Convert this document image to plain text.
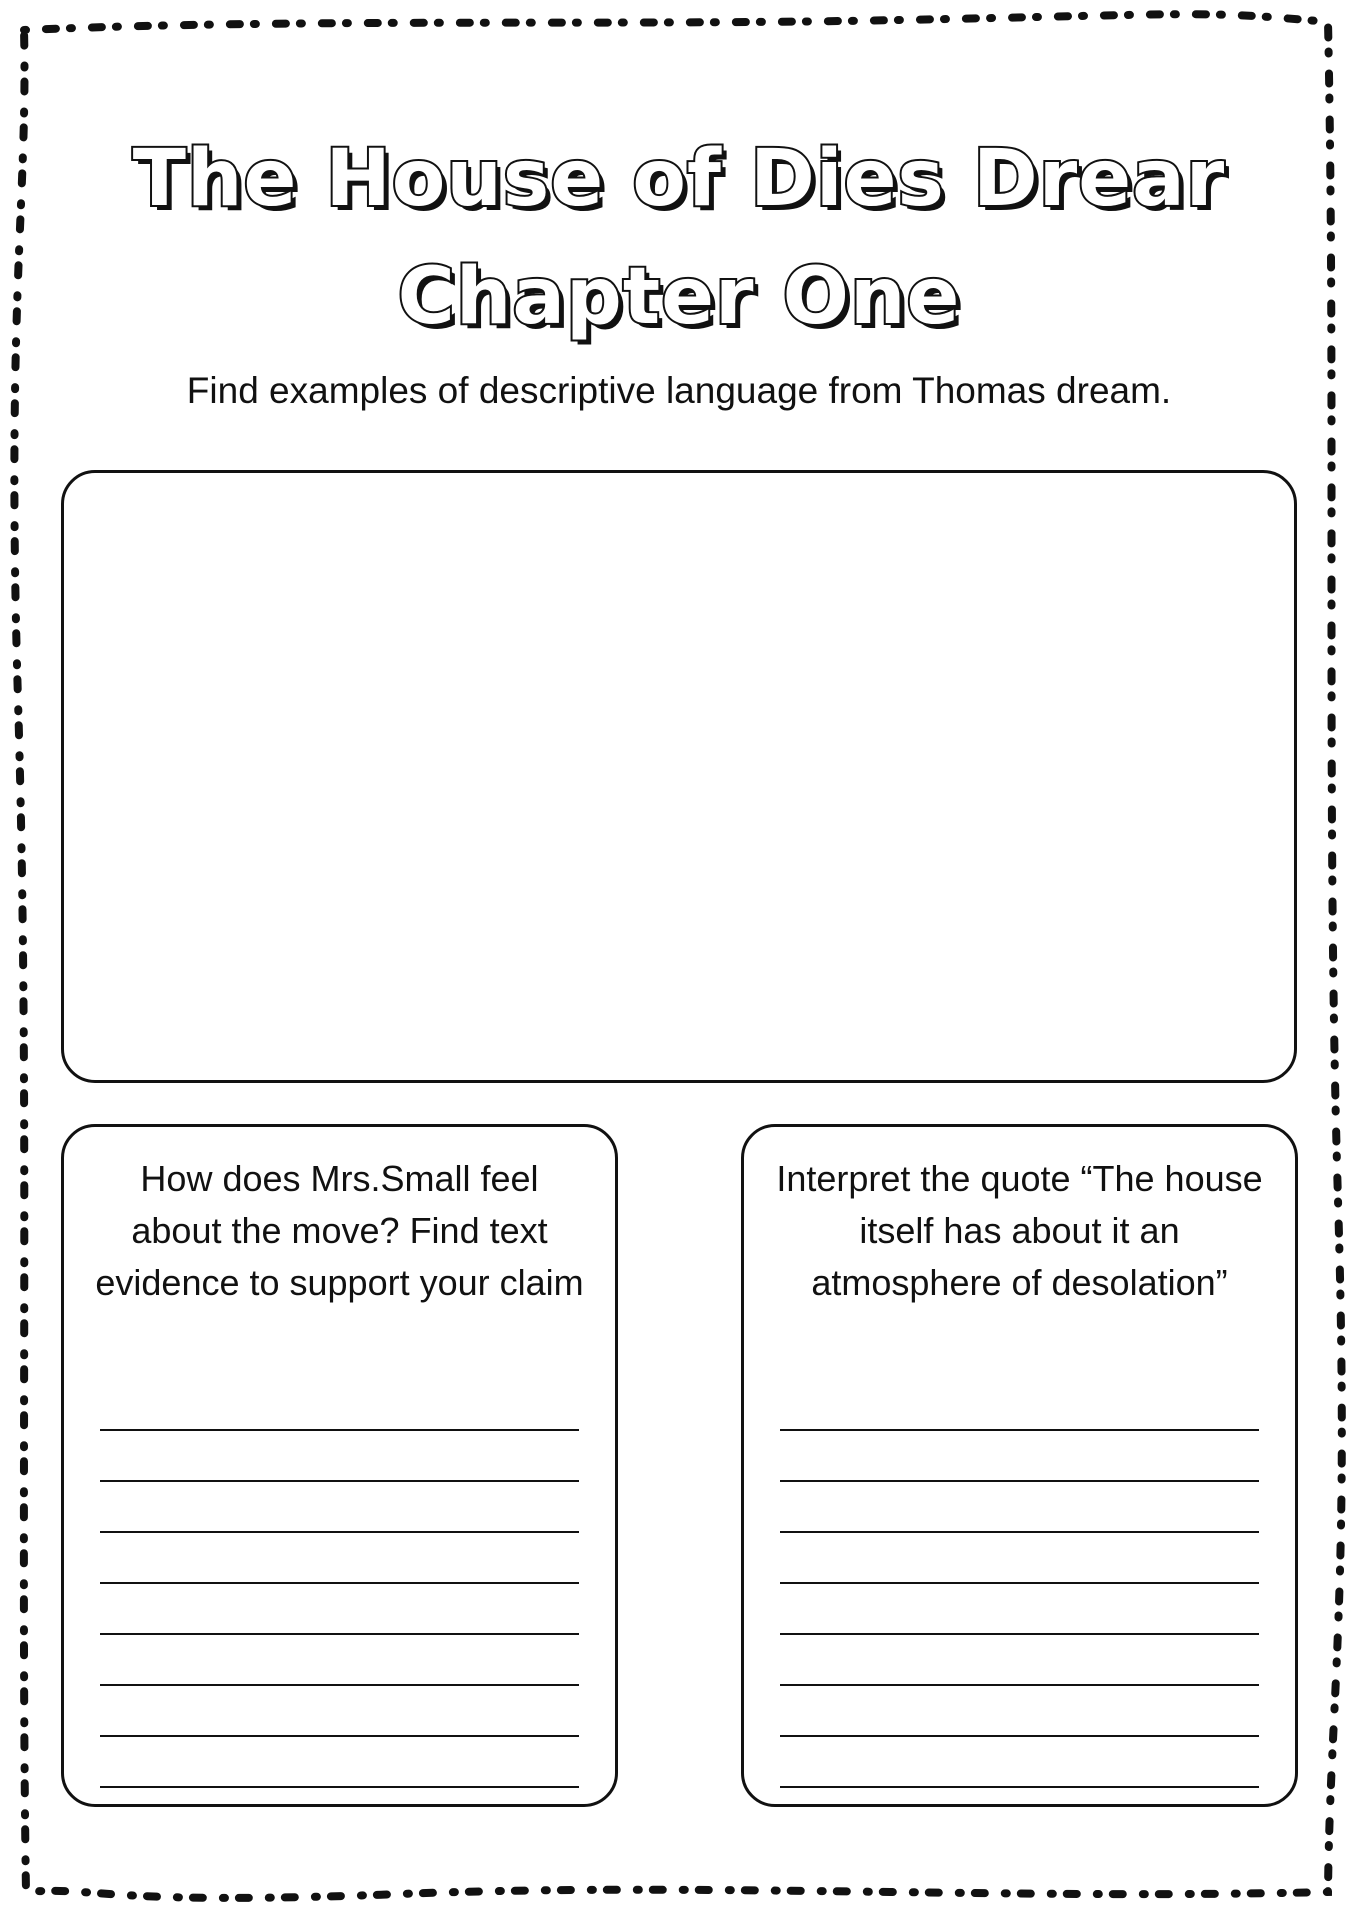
The House of Dies Drear
Chapter One
Find examples of descriptive language from Thomas dream.
How does Mrs.Small feel about the move? Find text evidence to support your claim
Interpret the quote “The house itself has about it an atmosphere of desolation”
